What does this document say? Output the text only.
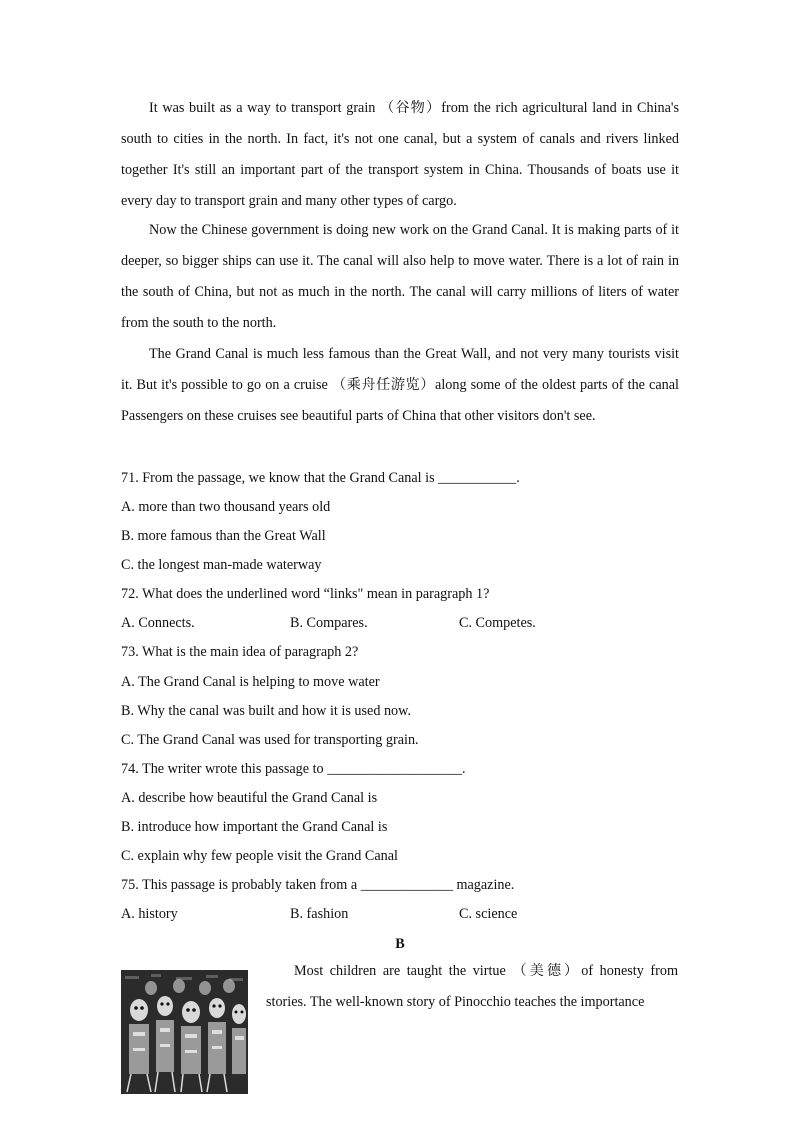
It was built as a way to transport grain （谷物）from the rich agricultural land in China's south to cities in the north. In fact, it's not one canal, but a system of canals and rivers linked together It's still an important part of the transport system in China. Thousands of boats use it every day to transport grain and many other types of cargo.

Now the Chinese government is doing new work on the Grand Canal. It is making parts of it deeper, so bigger ships can use it. The canal will also help to move water. There is a lot of rain in the south of China, but not as much in the north. The canal will carry millions of liters of water from the south to the north.

The Grand Canal is much less famous than the Great Wall, and not very many tourists visit it. But it's possible to go on a cruise （乘舟任游览）along some of the oldest parts of the canal Passengers on these cruises see beautiful parts of China that other visitors don't see.

71. From the passage, we know that the Grand Canal is ___________.
A. more than two thousand years old
B. more famous than the Great Wall
C. the longest man-made waterway
72. What does the underlined word “links" mean in paragraph 1?
A. Connects.	B. Compares.	C. Competes.
73. What is the main idea of paragraph 2?
A. The Grand Canal is helping to move water
B. Why the canal was built and how it is used now.
C. The Grand Canal was used for transporting grain.
74. The writer wrote this passage to ___________________.
A. describe how beautiful the Grand Canal is
B. introduce how important the Grand Canal is
C. explain why few people visit the Grand Canal
75. This passage is probably taken from a _____________ magazine.
A. history	B. fashion	C. science
B

Most children are taught the virtue （美德）of honesty from stories. The well-known story of Pinocchio teaches the importance
